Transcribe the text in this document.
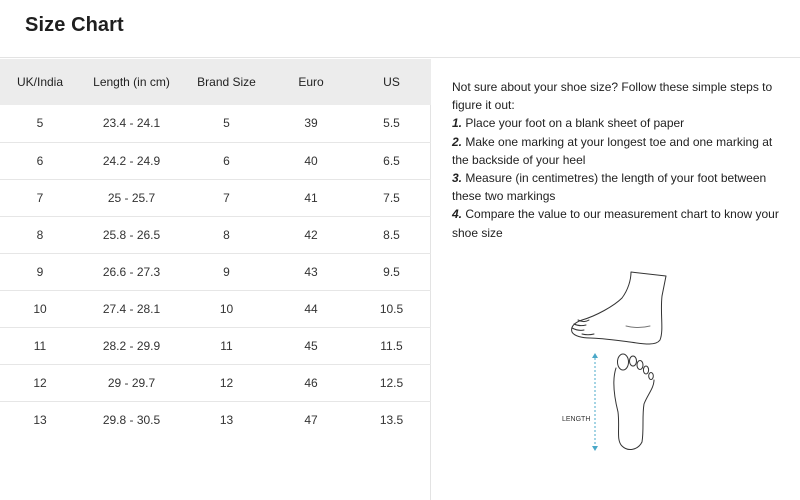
Size Chart
UK/India	Length (in cm)	Brand Size	Euro	US
5	23.4 - 24.1	5	39	5.5
6	24.2 - 24.9	6	40	6.5
7	25 - 25.7	7	41	7.5
8	25.8 - 26.5	8	42	8.5
9	26.6 - 27.3	9	43	9.5
10	27.4 - 28.1	10	44	10.5
11	28.2 - 29.9	11	45	11.5
12	29 - 29.7	12	46	12.5
13	29.8 - 30.5	13	47	13.5

Not sure about your shoe size? Follow these simple steps to figure it out:

1. Place your foot on a blank sheet of paper

2. Make one marking at your longest toe and one marking at the backside of your heel

3. Measure (in centimetres) the length of your foot between these two markings

4. Compare the value to our measurement chart to know your shoe size

LENGTH
